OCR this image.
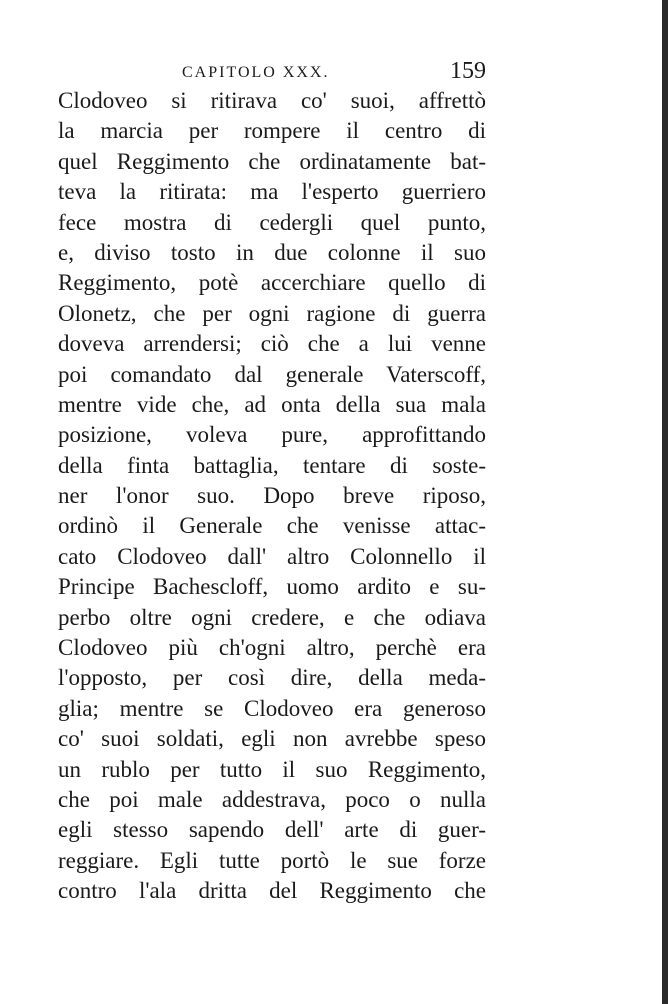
CAPITOLO XXX.	159
Clodoveo si ritirava co' suoi, affrettò
la marcia per rompere il centro di
quel Reggimento che ordinatamente bat-
teva la ritirata: ma l'esperto guerriero
fece mostra di cedergli quel punto,
e, diviso tosto in due colonne il suo
Reggimento, potè accerchiare quello di
Olonetz, che per ogni ragione di guerra
doveva arrendersi; ciò che a lui venne
poi comandato dal generale Vaterscoff,
mentre vide che, ad onta della sua mala
posizione, voleva pure, approfittando
della finta battaglia, tentare di soste-
ner l'onor suo. Dopo breve riposo,
ordinò il Generale che venisse attac-
cato Clodoveo dall' altro Colonnello il
Principe Bachescloff, uomo ardito e su-
perbo oltre ogni credere, e che odiava
Clodoveo più ch'ogni altro, perchè era
l'opposto, per così dire, della meda-
glia; mentre se Clodoveo era generoso
co' suoi soldati, egli non avrebbe speso
un rublo per tutto il suo Reggimento,
che poi male addestrava, poco o nulla
egli stesso sapendo dell' arte di guer-
reggiare. Egli tutte portò le sue forze
contro l'ala dritta del Reggimento che
